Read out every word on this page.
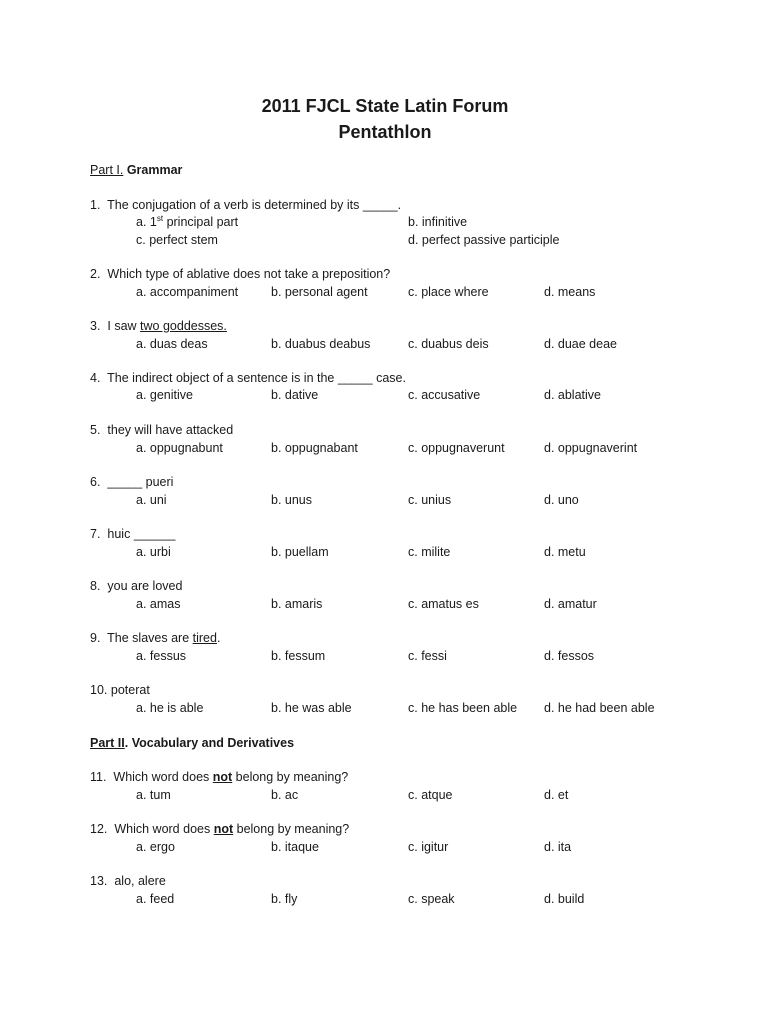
2011 FJCL State Latin Forum
Pentathlon
Part I. Grammar
1. The conjugation of a verb is determined by its _____.
a. 1st principal part	b. infinitive
c. perfect stem	d. perfect passive participle
2. Which type of ablative does not take a preposition?
a. accompaniment	b. personal agent	c. place where	d. means
3. I saw two goddesses.
a. duas deas	b. duabus deabus	c. duabus deis	d. duae deae
4. The indirect object of a sentence is in the _____ case.
a. genitive	b. dative	c. accusative	d. ablative
5. they will have attacked
a. oppugnabunt	b. oppugnabant	c. oppugnaverunt	d. oppugnaverint
6. _____ pueri
a. uni	b. unus	c. unius	d. uno
7. huic ______
a. urbi	b. puellam	c. milite	d. metu
8. you are loved
a. amas	b. amaris	c. amatus es	d. amatur
9. The slaves are tired.
a. fessus	b. fessum	c. fessi	d. fessos
10. poterat
a. he is able	b. he was able	c. he has been able d. he had been able
Part II. Vocabulary and Derivatives
11. Which word does not belong by meaning?
a. tum	b. ac	c. atque	d. et
12. Which word does not belong by meaning?
a. ergo	b. itaque	c. igitur	d. ita
13. alo, alere
a. feed	b. fly	c. speak	d. build
